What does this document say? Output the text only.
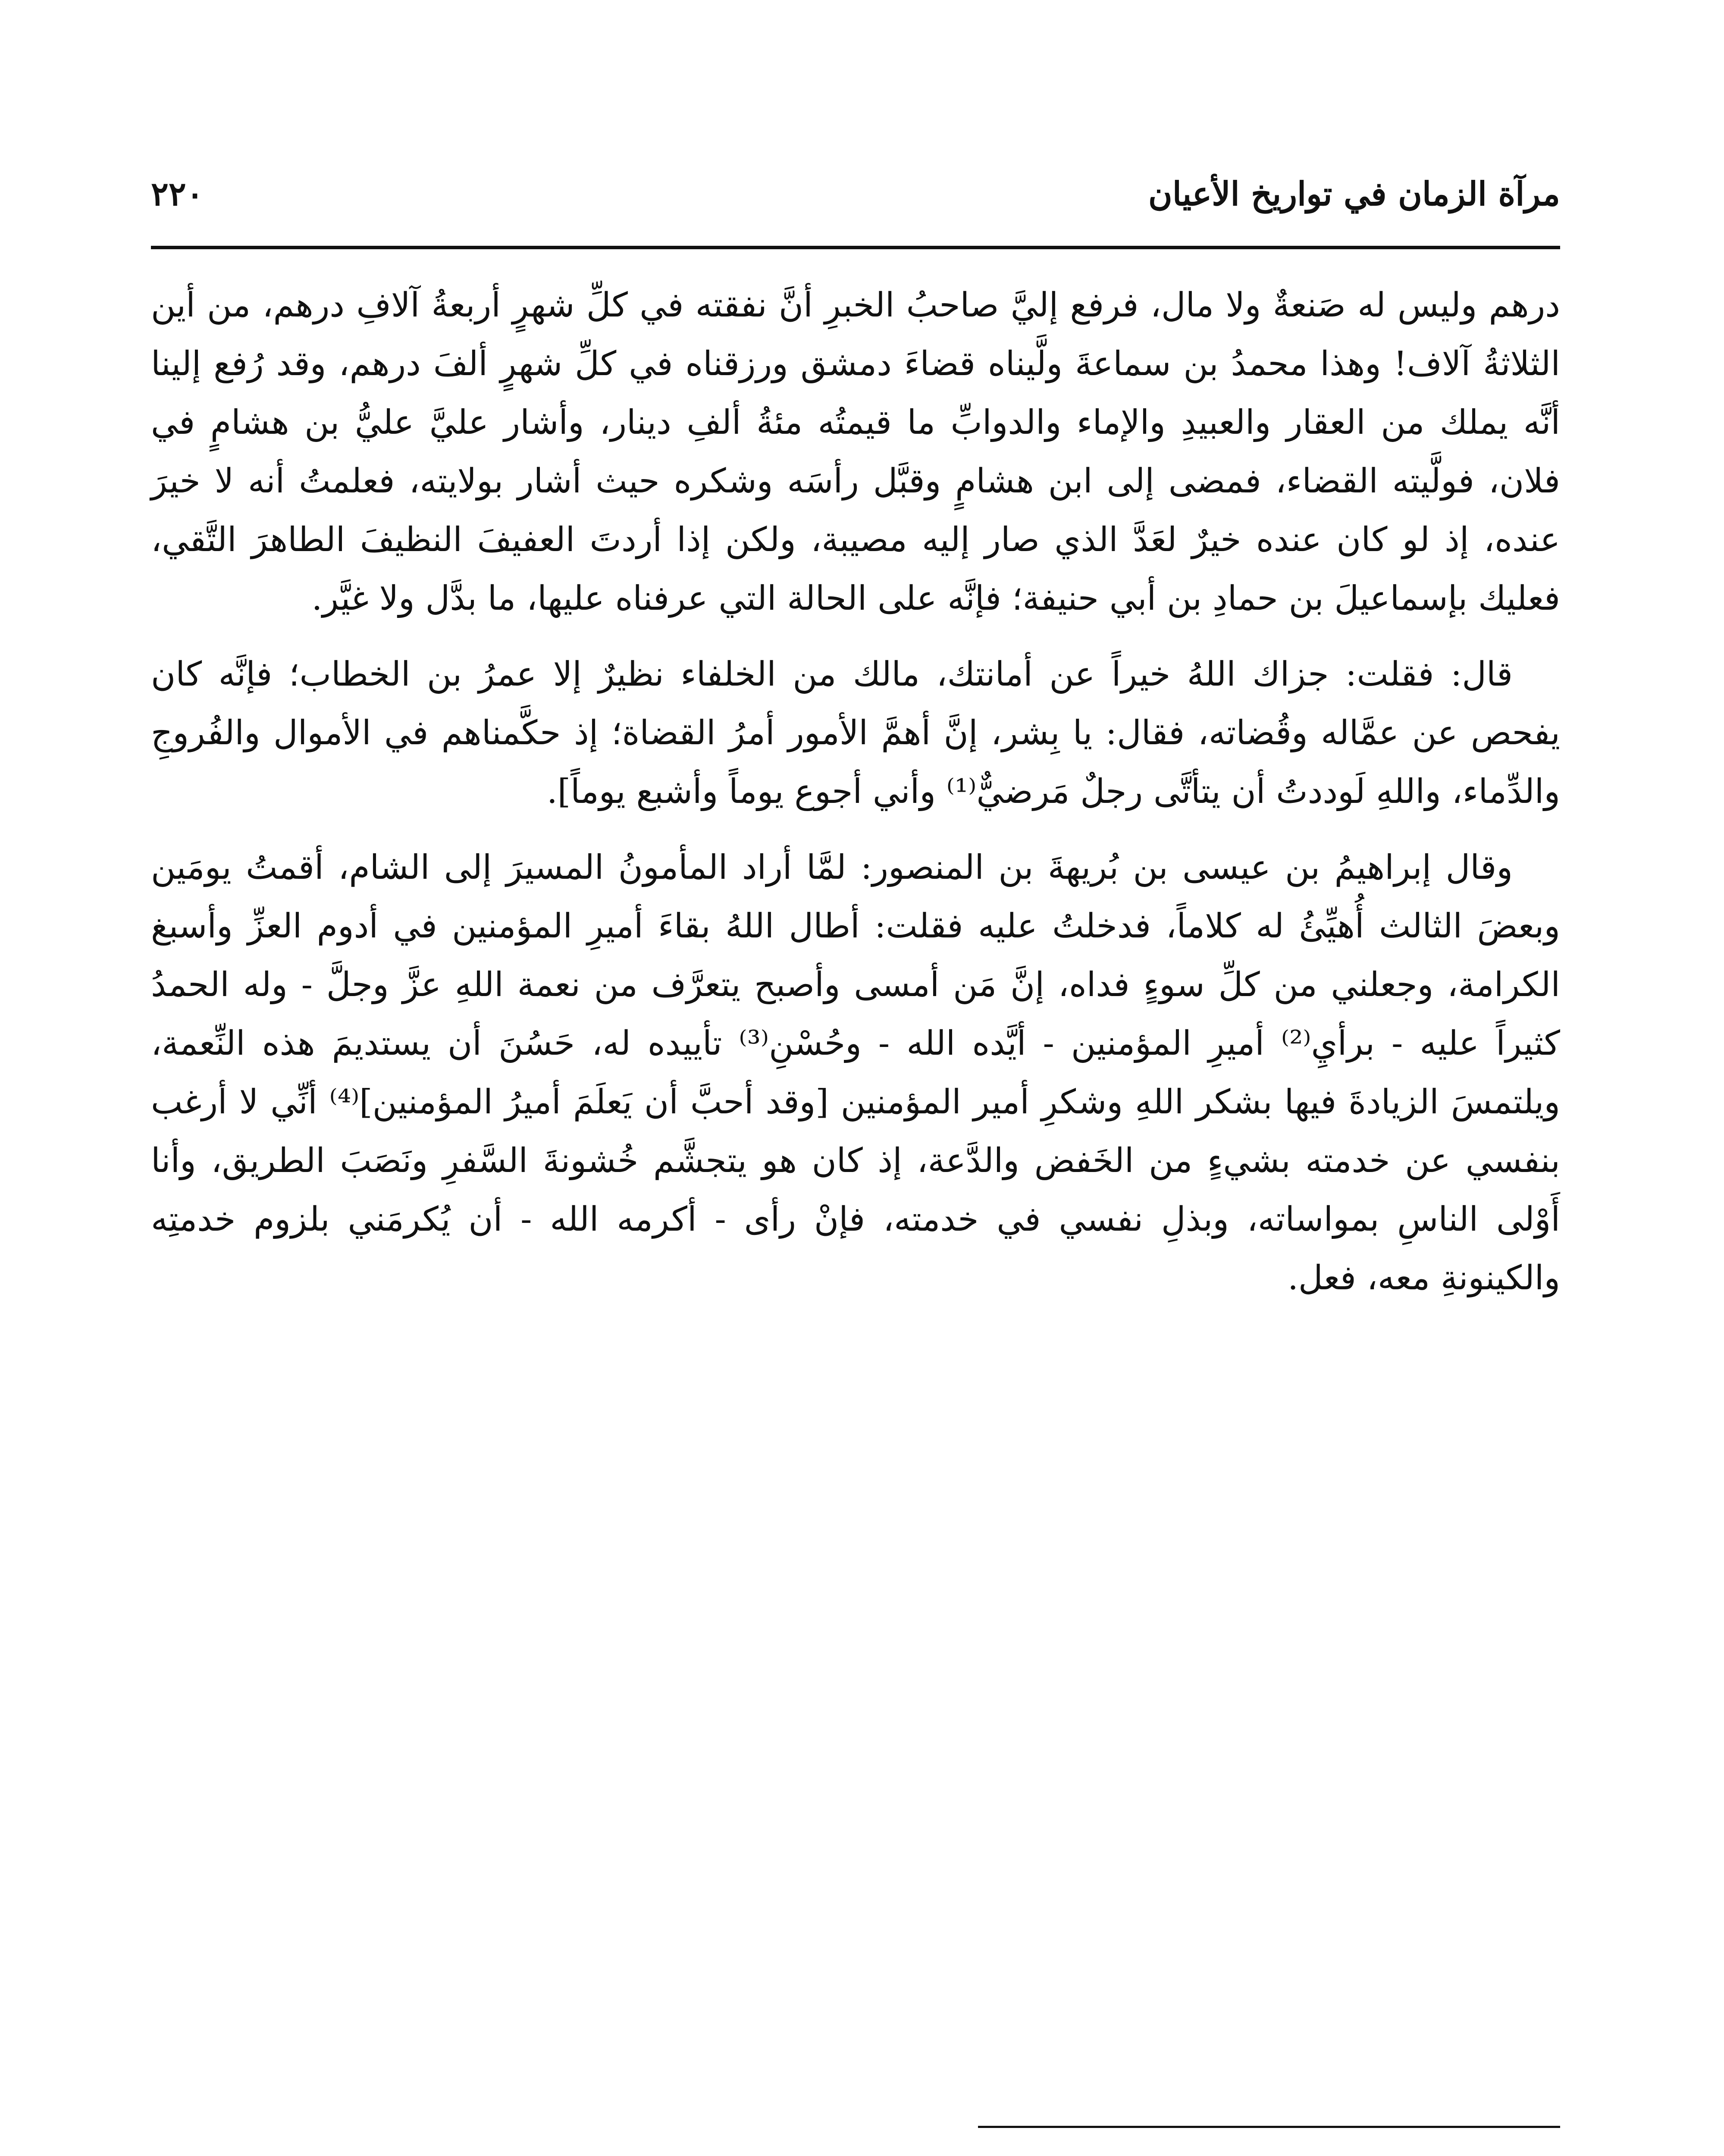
مرآة الزمان في تواريخ الأعيان
٢٢٠

درهم وليس له صَنعةٌ ولا مال، فرفع إليَّ صاحبُ الخبرِ أنَّ نفقته في كلِّ شهرٍ أربعةُ آلافِ درهم، من أين الثلاثةُ آلاف! وهذا محمدُ بن سماعةَ ولَّيناه قضاءَ دمشق ورزقناه في كلِّ شهرٍ ألفَ درهم، وقد رُفع إلينا أنَّه يملك من العقار والعبيدِ والإماء والدوابِّ ما قيمتُه مئةُ ألفِ دينار، وأشار عليَّ عليُّ بن هشامٍ في فلان، فولَّيته القضاء، فمضى إلى ابن هشامٍ وقبَّل رأسَه وشكره حيث أشار بولايته، فعلمتُ أنه لا خيرَ عنده، إذ لو كان عنده خيرٌ لعَدَّ الذي صار إليه مصيبة، ولكن إذا أردتَ العفيفَ النظيفَ الطاهرَ التَّقي، فعليك بإسماعيلَ بن حمادِ بن أبي حنيفة؛ فإنَّه على الحالة التي عرفناه عليها، ما بدَّل ولا غيَّر.

قال: فقلت: جزاك اللهُ خيراً عن أمانتك، مالك من الخلفاء نظيرٌ إلا عمرُ بن الخطاب؛ فإنَّه كان يفحص عن عمَّاله وقُضاته، فقال: يا بِشر، إنَّ أهمَّ الأمور أمرُ القضاة؛ إذ حكَّمناهم في الأموال والفُروجِ والدِّماء، واللهِ لَوددتُ أن يتأتَّى رجلٌ مَرضيٌّ⁽¹⁾ وأني أجوع يوماً وأشبع يوماً].

وقال إبراهيمُ بن عيسى بن بُريهةَ بن المنصور: لمَّا أراد المأمونُ المسيرَ إلى الشام، أقمتُ يومَين وبعضَ الثالث أُهيِّئُ له كلاماً، فدخلتُ عليه فقلت: أطال اللهُ بقاءَ أميرِ المؤمنين في أدوم العزِّ وأسبغ الكرامة، وجعلني من كلِّ سوءٍ فداه، إنَّ مَن أمسى وأصبح يتعرَّف من نعمة اللهِ عزَّ وجلَّ - وله الحمدُ كثيراً عليه - برأيِ⁽²⁾ أميرِ المؤمنين - أيَّده الله - وحُسْنِ⁽³⁾ تأييده له، حَسُنَ أن يستديمَ هذه النِّعمة، ويلتمسَ الزيادةَ فيها بشكر اللهِ وشكرِ أمير المؤمنين [وقد أحبَّ أن يَعلَمَ أميرُ المؤمنين]⁽⁴⁾ أنِّي لا أرغب بنفسي عن خدمته بشيءٍ من الخَفض والدَّعة، إذ كان هو يتجشَّم خُشونةَ السَّفرِ ونَصَبَ الطريق، وأنا أَوْلى الناسِ بمواساته، وبذلِ نفسي في خدمته، فإنْ رأى - أكرمه الله - أن يُكرمَني بلزوم خدمتِه والكينونةِ معه، فعل.
